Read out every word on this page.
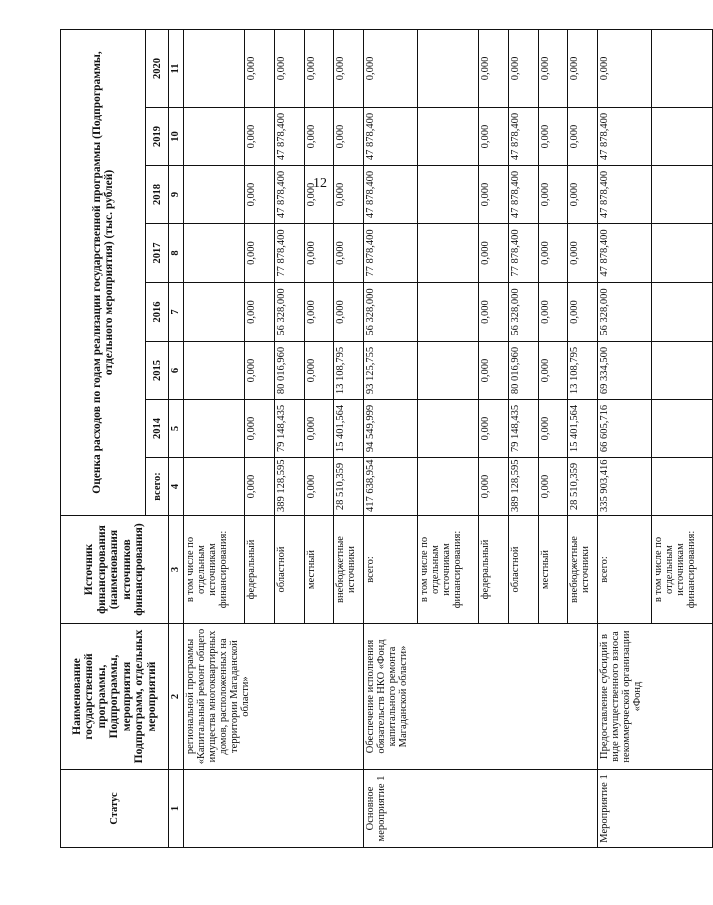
12
Статус	Наименование государственной программы, Подпрограммы, мероприятия Подпрограмм, отдельных мероприятий	Источник финансирования (наименования источников финансирования)	Оценка расходов по годам реализации государственной программы (Подпрограммы, отдельного мероприятия) (тыс. рублей)							
			всего:	2014	2015	2016	2017	2018	2019	2020
1	2	3	4	5	6	7	8	9	10	11
	региональной программы «Капитальный ремонт общего имущества многоквартирных домов, расположенных на территории Магаданской области»	в том числе по отдельным источникам финансирования:								
		федеральный	0,000	0,000	0,000	0,000	0,000	0,000	0,000	0,000
		областной	389 128,595	79 148,435	80 016,960	56 328,000	77 878,400	47 878,400	47 878,400	0,000
		местный	0,000	0,000	0,000	0,000	0,000	0,000	0,000	0,000
		внебюджетные источники	28 510,359	15 401,564	13 108,795	0,000	0,000	0,000	0,000	0,000
Основное мероприятие 1	Обеспечение исполнения обязательств НКО «Фонд капитального ремонта Магаданской области»	всего:	417 638,954	94 549,999	93 125,755	56 328,000	77 878,400	47 878,400	47 878,400	0,000
		в том числе по отдельным источникам финансирования:								
		федеральный	0,000	0,000	0,000	0,000	0,000	0,000	0,000	0,000
		областной	389 128,595	79 148,435	80 016,960	56 328,000	77 878,400	47 878,400	47 878,400	0,000
		местный	0,000	0,000	0,000	0,000	0,000	0,000	0,000	0,000
		внебюджетные источники	28 510,359	15 401,564	13 108,795	0,000	0,000	0,000	0,000	0,000
Мероприятие 1	Предоставление субсидий в виде имущественного взноса некоммерческой организации «Фонд	всего:	335 903,416	66 605,716	69 334,500	56 328,000	47 878,400	47 878,400	47 878,400	0,000
		в том числе по отдельным источникам финансирования:								
